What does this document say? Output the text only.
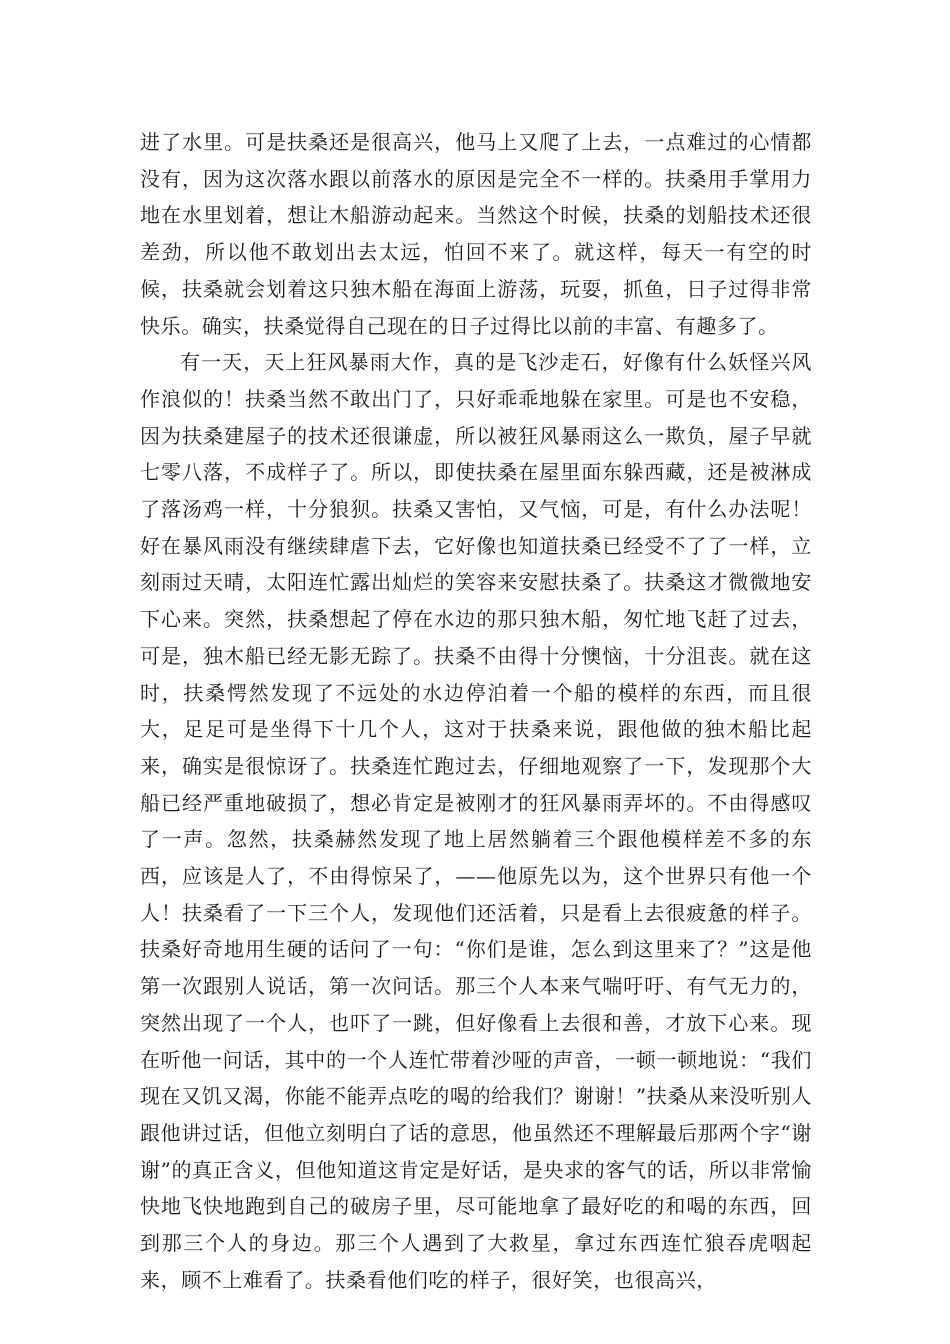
进了水里。可是扶桑还是很高兴，他马上又爬了上去，一点难过的心情都没有，因为这次落水跟以前落水的原因是完全不一样的。扶桑用手掌用力地在水里划着，想让木船游动起来。当然这个时候，扶桑的划船技术还很差劲，所以他不敢划出去太远，怕回不来了。就这样，每天一有空的时候，扶桑就会划着这只独木船在海面上游荡，玩耍，抓鱼，日子过得非常快乐。确实，扶桑觉得自己现在的日子过得比以前的丰富、有趣多了。

有一天，天上狂风暴雨大作，真的是飞沙走石，好像有什么妖怪兴风作浪似的！扶桑当然不敢出门了，只好乖乖地躲在家里。可是也不安稳，因为扶桑建屋子的技术还很谦虚，所以被狂风暴雨这么一欺负，屋子早就七零八落，不成样子了。所以，即使扶桑在屋里面东躲西藏，还是被淋成了落汤鸡一样，十分狼狈。扶桑又害怕，又气恼，可是，有什么办法呢！好在暴风雨没有继续肆虐下去，它好像也知道扶桑已经受不了了一样，立刻雨过天晴，太阳连忙露出灿烂的笑容来安慰扶桑了。扶桑这才微微地安下心来。突然，扶桑想起了停在水边的那只独木船，匆忙地飞赶了过去，可是，独木船已经无影无踪了。扶桑不由得十分懊恼，十分沮丧。就在这时，扶桑愕然发现了不远处的水边停泊着一个船的模样的东西，而且很大，足足可是坐得下十几个人，这对于扶桑来说，跟他做的独木船比起来，确实是很惊讶了。扶桑连忙跑过去，仔细地观察了一下，发现那个大船已经严重地破损了，想必肯定是被刚才的狂风暴雨弄坏的。不由得感叹了一声。忽然，扶桑赫然发现了地上居然躺着三个跟他模样差不多的东西，应该是人了，不由得惊呆了，——他原先以为，这个世界只有他一个人！扶桑看了一下三个人，发现他们还活着，只是看上去很疲惫的样子。扶桑好奇地用生硬的话问了一句：“你们是谁，怎么到这里来了？”这是他第一次跟别人说话，第一次问话。那三个人本来气喘吁吁、有气无力的，突然出现了一个人，也吓了一跳，但好像看上去很和善，才放下心来。现在听他一问话，其中的一个人连忙带着沙哑的声音，一顿一顿地说：“我们现在又饥又渴，你能不能弄点吃的喝的给我们？谢谢！”扶桑从来没听别人跟他讲过话，但他立刻明白了话的意思，他虽然还不理解最后那两个字“谢谢”的真正含义，但他知道这肯定是好话，是央求的客气的话，所以非常愉快地飞快地跑到自己的破房子里，尽可能地拿了最好吃的和喝的东西，回到那三个人的身边。那三个人遇到了大救星，拿过东西连忙狼吞虎咽起来，顾不上难看了。扶桑看他们吃的样子，很好笑，也很高兴，
